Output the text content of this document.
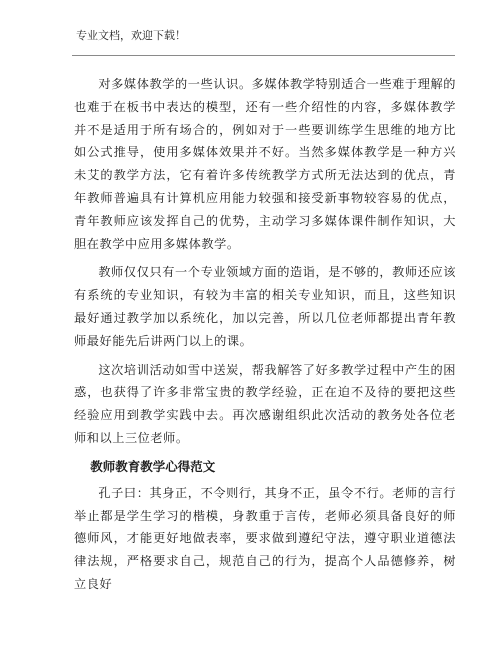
专业文档，欢迎下载！

对多媒体教学的一些认识。多媒体教学特别适合一些难于理解的也难于在板书中表达的模型，还有一些介绍性的内容，多媒体教学并不是适用于所有场合的，例如对于一些要训练学生思维的地方比如公式推导，使用多媒体效果并不好。当然多媒体教学是一种方兴未艾的教学方法，它有着许多传统教学方式所无法达到的优点，青年教师普遍具有计算机应用能力较强和接受新事物较容易的优点，青年教师应该发挥自己的优势，主动学习多媒体课件制作知识，大胆在教学中应用多媒体教学。

教师仅仅只有一个专业领域方面的造诣，是不够的，教师还应该有系统的专业知识，有较为丰富的相关专业知识，而且，这些知识最好通过教学加以系统化，加以完善，所以几位老师都提出青年教师最好能先后讲两门以上的课。

这次培训活动如雪中送炭，帮我解答了好多教学过程中产生的困惑，也获得了许多非常宝贵的教学经验，正在迫不及待的要把这些经验应用到教学实践中去。再次感谢组织此次活动的教务处各位老师和以上三位老师。

教师教育教学心得范文

孔子曰：其身正，不令则行，其身不正，虽令不行。老师的言行举止都是学生学习的楷模，身教重于言传，老师必须具备良好的师德师风，才能更好地做表率，要求做到遵纪守法，遵守职业道德法律法规，严格要求自己，规范自己的行为，提高个人品德修养，树立良好
